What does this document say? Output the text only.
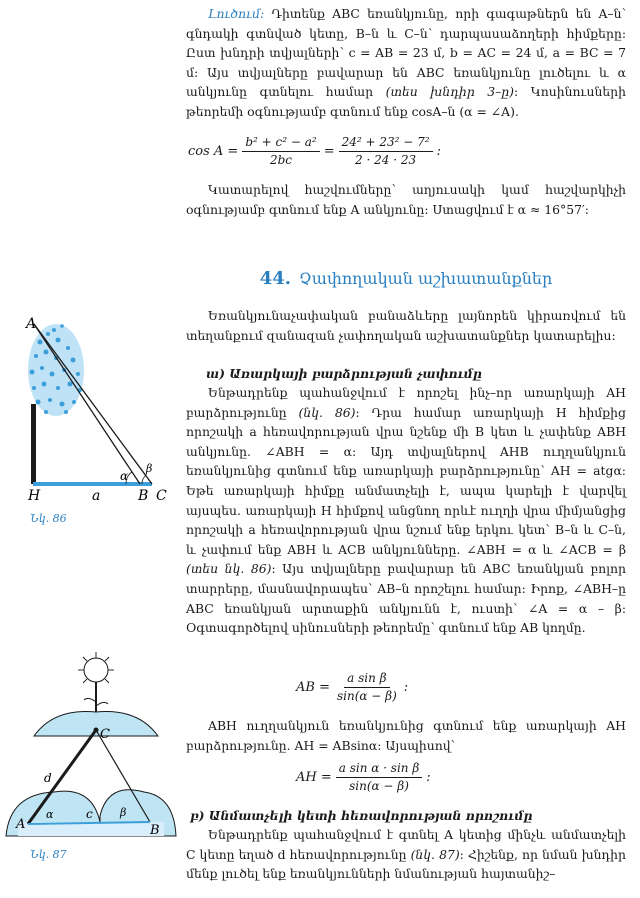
Լուծում: Դիտենք ABC եռանկյունը, որի գագաթներն են A–ն՝ գնդակի գտնված կետը, B–ն և C–ն՝ դարպասաձողերի հիմքերը: Ըստ խնդրի տվյալների՝ c = AB = 23 մ, b = AC = 24 մ, a = BC = 7 մ: Այս տվյալները բավարար են ABC եռանկյունը լուծելու և α անկյունը գտնելու համար (տես խնդիր 3–ը): Կոսինուսների թեորեմի օգնությամբ գտնում ենք cosA–ն (α = ∠A).
$\cos A = \frac{\text{b² + c² − a²}}{2bc} = \frac{\text{24² + 23² − 7²}}{2 \cdot 24 \cdot 23}$ :
Կատարելով հաշվումները՝ աղյուսակի կամ հաշվարկիչի օգնությամբ գտնում ենք A անկյունը: Ստացվում է α ≈ 16°57′:
44. Չափողական աշխատանքներ
Եռանկյունաչափական բանաձևերը լայնորեն կիրառվում են տեղանքում զանազան չափողական աշխատանքներ կատարելիս:
ա) Առարկայի բարձրության չափումը
Ենթադրենք պահանջվում է որոշել ինչ–որ առարկայի AH բարձրությունը (նկ. 86): Դրա համար առարկայի H հիմքից որոշակի a հեռավորության վրա նշենք մի B կետ և չափենք ABH անկյունը. ∠ABH = α: Այդ տվյալներով AHB ուղղանկյուն եռանկյունից գտնում ենք առարկայի բարձրությունը՝ AH = atgα: Եթե առարկայի հիմքը անմատչելի է, ապա կարելի է վարվել այսպես. առարկայի H հիմքով անցնող որևէ ուղղի վրա միմյանցից որոշակի a հեռավորության վրա նշում ենք երկու կետ՝ B–ն և C–ն, և չափում ենք ABH և ACB անկյունները. ∠ABH = α և ∠ACB = β (տես նկ. 86): Այս տվյալները բավարար են ABC եռանկյան բոլոր տարրերը, մասնավորապես՝ AB–ն որոշելու համար: Իրոք, ∠ABH–ը ABC եռանկյան արտաքին անկյունն է, ուստի՝ ∠A = α – β: Օգտագործելով սինուսների թեորեմը՝ գտնում ենք AB կողմը.
AB = $\frac{\text{a sin β}}{\sin(\alpha - \beta)}$ :
ABH ուղղանկյուն եռանկյունից գտնում ենք առարկայի AH բարձրությունը. AH = ABsinα: Այսպիսով՝
AH = $\frac{\text{a sin α · sin β}}{\sin(\alpha - \beta)}$ :
բ) Անմատչելի կետի հեռավորության որոշումը
Ենթադրենք պահանջվում է գտնել A կետից մինչև անմատչելի C կետը եղած d հեռավորությունը (նկ. 87): Հիշենք, որ նման խնդիր մենք լուծել ենք եռանկյունների նմանության հայտանիշ–
A
H	a	B C
α
β
Նկ. 86
A	B
C
c
d
α	β
Նկ. 87
